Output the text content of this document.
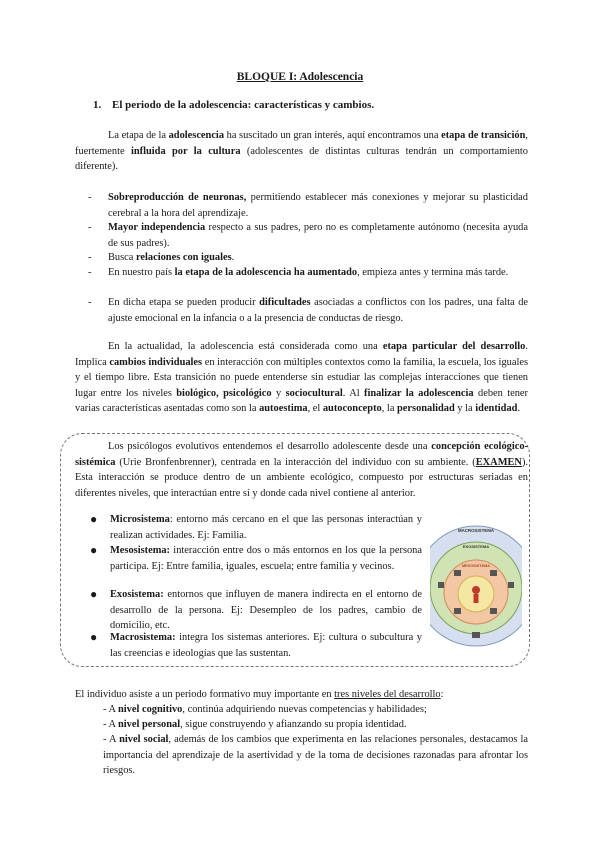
BLOQUE I: Adolescencia
1. El periodo de la adolescencia: características y cambios.
La etapa de la adolescencia ha suscitado un gran interés, aquí encontramos una etapa de transición, fuertemente influida por la cultura (adolescentes de distintas culturas tendrán un comportamiento diferente).
- Sobreproducción de neuronas, permitiendo establecer más conexiones y mejorar su plasticidad cerebral a la hora del aprendizaje.
- Mayor independencia respecto a sus padres, pero no es completamente autónomo (necesita ayuda de sus padres).
- Busca relaciones con iguales.
- En nuestro país la etapa de la adolescencia ha aumentado, empieza antes y termina más tarde.
- En dicha etapa se pueden producir dificultades asociadas a conflictos con los padres, una falta de ajuste emocional en la infancia o a la presencia de conductas de riesgo.
En la actualidad, la adolescencia está considerada como una etapa particular del desarrollo. Implica cambios individuales en interacción con múltiples contextos como la familia, la escuela, los iguales y el tiempo libre. Esta transición no puede entenderse sin estudiar las complejas interacciones que tienen lugar entre los niveles biológico, psicológico y sociocultural. Al finalizar la adolescencia deben tener varias características asentadas como son la autoestima, el autoconcepto, la personalidad y la identidad.
Los psicólogos evolutivos entendemos el desarrollo adolescente desde una concepción ecológico-sistémica (Urie Bronfenbrenner), centrada en la interacción del individuo con su ambiente. (EXAMEN). Esta interacción se produce dentro de un ambiente ecológico, compuesto por estructuras seriadas en diferentes niveles, que interactúan entre sí y donde cada nivel contiene al anterior.
● Microsistema: entorno más cercano en el que las personas interactúan y realizan actividades. Ej: Familia.
● Mesosistema: interacción entre dos o más entornos en los que la persona participa. Ej: Entre familia, iguales, escuela; entre familia y vecinos.
● Exosistema: entornos que influyen de manera indirecta en el entorno de desarrollo de la persona. Ej: Desempleo de los padres, cambio de domicilio, etc.
● Macrosistema: integra los sistemas anteriores. Ej: cultura o subcultura y las creencias e ideologías que las sustentan.
MACROSISTEMA
EXOSISTEMA
MESOSISTEMA
El individuo asiste a un periodo formativo muy importante en tres niveles del desarrollo:
- A nivel cognitivo, continúa adquiriendo nuevas competencias y habilidades;
- A nivel personal, sigue construyendo y afianzando su propia identidad.
- A nivel social, además de los cambios que experimenta en las relaciones personales, destacamos la importancia del aprendizaje de la asertividad y de la toma de decisiones razonadas para afrontar los riesgos.
